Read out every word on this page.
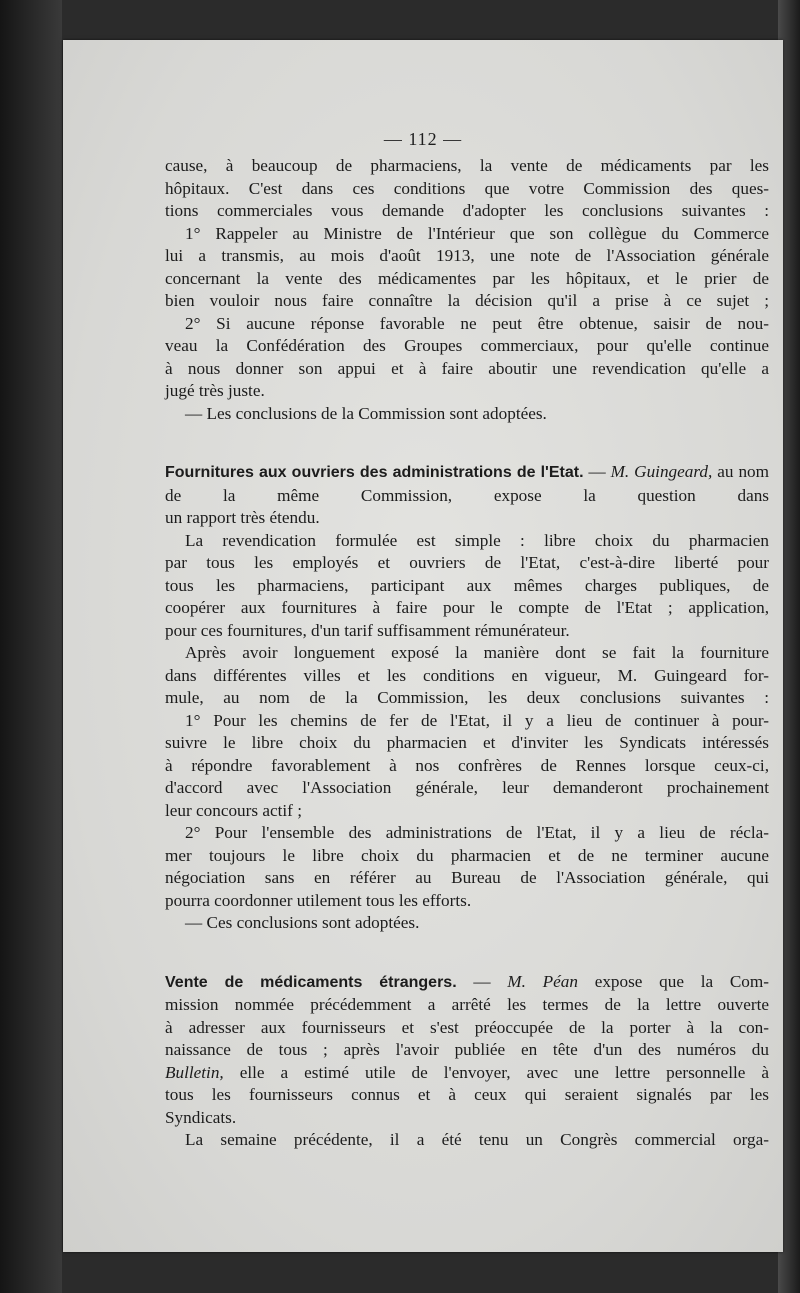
— 112 —

cause, à beaucoup de pharmaciens, la vente de médicaments par les
hôpitaux. C'est dans ces conditions que votre Commission des ques-
tions commerciales vous demande d'adopter les conclusions suivantes :

1° Rappeler au Ministre de l'Intérieur que son collègue du Commerce
lui a transmis, au mois d'août 1913, une note de l'Association générale
concernant la vente des médicamentes par les hôpitaux, et le prier de
bien vouloir nous faire connaître la décision qu'il a prise à ce sujet ;

2° Si aucune réponse favorable ne peut être obtenue, saisir de nou-
veau la Confédération des Groupes commerciaux, pour qu'elle continue
à nous donner son appui et à faire aboutir une revendication qu'elle a
jugé très juste.

— Les conclusions de la Commission sont adoptées.

Fournitures aux ouvriers des administrations de l'Etat. — M. Guingeard, au nom de la même Commission, expose la question dans
un rapport très étendu.

La revendication formulée est simple : libre choix du pharmacien
par tous les employés et ouvriers de l'Etat, c'est-à-dire liberté pour
tous les pharmaciens, participant aux mêmes charges publiques, de
coopérer aux fournitures à faire pour le compte de l'Etat ; application,
pour ces fournitures, d'un tarif suffisamment rémunérateur.

Après avoir longuement exposé la manière dont se fait la fourniture
dans différentes villes et les conditions en vigueur, M. Guingeard for-
mule, au nom de la Commission, les deux conclusions suivantes :

1° Pour les chemins de fer de l'Etat, il y a lieu de continuer à pour-
suivre le libre choix du pharmacien et d'inviter les Syndicats intéressés
à répondre favorablement à nos confrères de Rennes lorsque ceux-ci,
d'accord avec l'Association générale, leur demanderont prochainement
leur concours actif ;

2° Pour l'ensemble des administrations de l'Etat, il y a lieu de récla-
mer toujours le libre choix du pharmacien et de ne terminer aucune
négociation sans en référer au Bureau de l'Association générale, qui
pourra coordonner utilement tous les efforts.

— Ces conclusions sont adoptées.

Vente de médicaments étrangers. — M. Péan expose que la Com-
mission nommée précédemment a arrêté les termes de la lettre ouverte
à adresser aux fournisseurs et s'est préoccupée de la porter à la con-
naissance de tous ; après l'avoir publiée en tête d'un des numéros du
Bulletin, elle a estimé utile de l'envoyer, avec une lettre personnelle à
tous les fournisseurs connus et à ceux qui seraient signalés par les
Syndicats.

La semaine précédente, il a été tenu un Congrès commercial orga-
